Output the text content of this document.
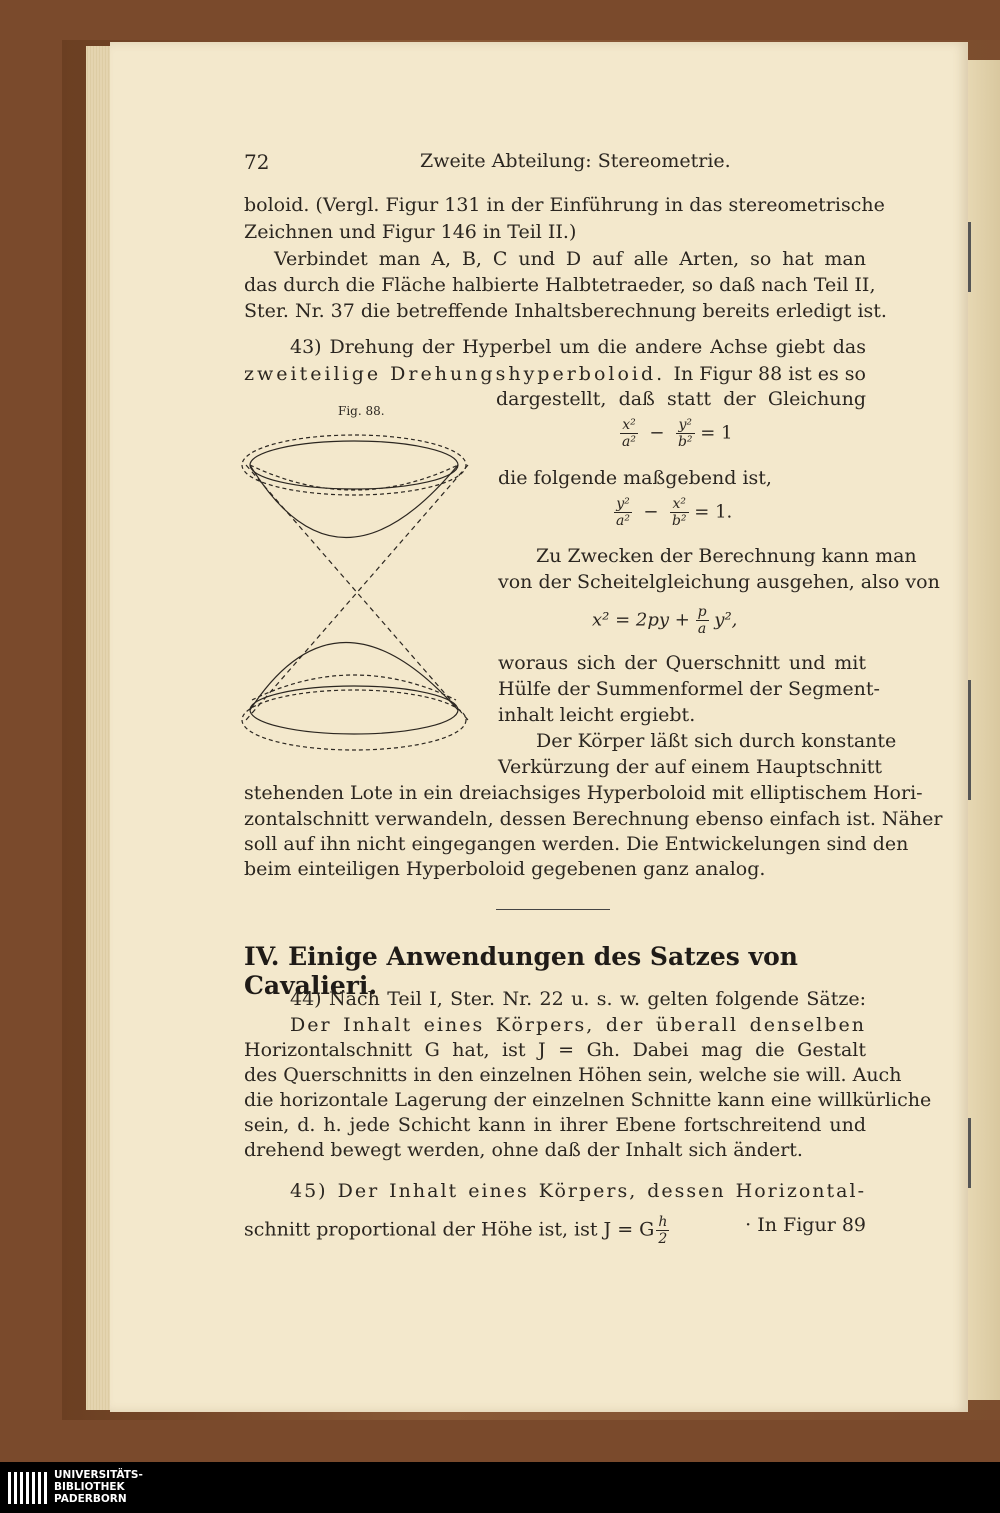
72	Zweite Abteilung: Stereometrie.
boloid. (Vergl. Figur 131 in der Einführung in das stereometrische
Zeichnen und Figur 146 in Teil II.)
Verbindet man A, B, C und D auf alle Arten, so hat man
das durch die Fläche halbierte Halbtetraeder, so daß nach Teil II,
Ster. Nr. 37 die betreffende Inhaltsberechnung bereits erledigt ist.
43) Drehung der Hyperbel um die andere Achse giebt das
zweiteilige Drehungshyperboloid. In Figur 88 ist es so
dargestellt, daß statt der Gleichung
Fig. 88.
$\frac{\text{x²}}{\text{a²}} - \frac{\text{y²}}{\text{b²}} = 1$
die folgende maßgebend ist,
$\frac{\text{y²}}{\text{a²}} - \frac{\text{x²}}{\text{b²}} = 1$.
Zu Zwecken der Berechnung kann man
von der Scheitelgleichung ausgehen, also von
$x^2 = 2py + \frac{p}{a} y^2$,
woraus sich der Querschnitt und mit
Hülfe der Summenformel der Segment-
inhalt leicht ergiebt.
Der Körper läßt sich durch konstante
Verkürzung der auf einem Hauptschnitt
stehenden Lote in ein dreiachsiges Hyperboloid mit elliptischem Hori-
zontalschnitt verwandeln, dessen Berechnung ebenso einfach ist. Näher
soll auf ihn nicht eingegangen werden. Die Entwickelungen sind den
beim einteiligen Hyperboloid gegebenen ganz analog.
IV. Einige Anwendungen des Satzes von Cavalieri.
44) Nach Teil I, Ster. Nr. 22 u. s. w. gelten folgende Sätze:
Der Inhalt eines Körpers, der überall denselben
Horizontalschnitt G hat, ist J = Gh. Dabei mag die Gestalt
des Querschnitts in den einzelnen Höhen sein, welche sie will. Auch
die horizontale Lagerung der einzelnen Schnitte kann eine willkürliche
sein, d. h. jede Schicht kann in ihrer Ebene fortschreitend und
drehend bewegt werden, ohne daß der Inhalt sich ändert.
45) Der Inhalt eines Körpers, dessen Horizontal-
schnitt proportional der Höhe ist, ist J = G $\frac{h}{2}$	· In Figur 89
UNIVERSITÄTS-
BIBLIOTHEK
PADERBORN
